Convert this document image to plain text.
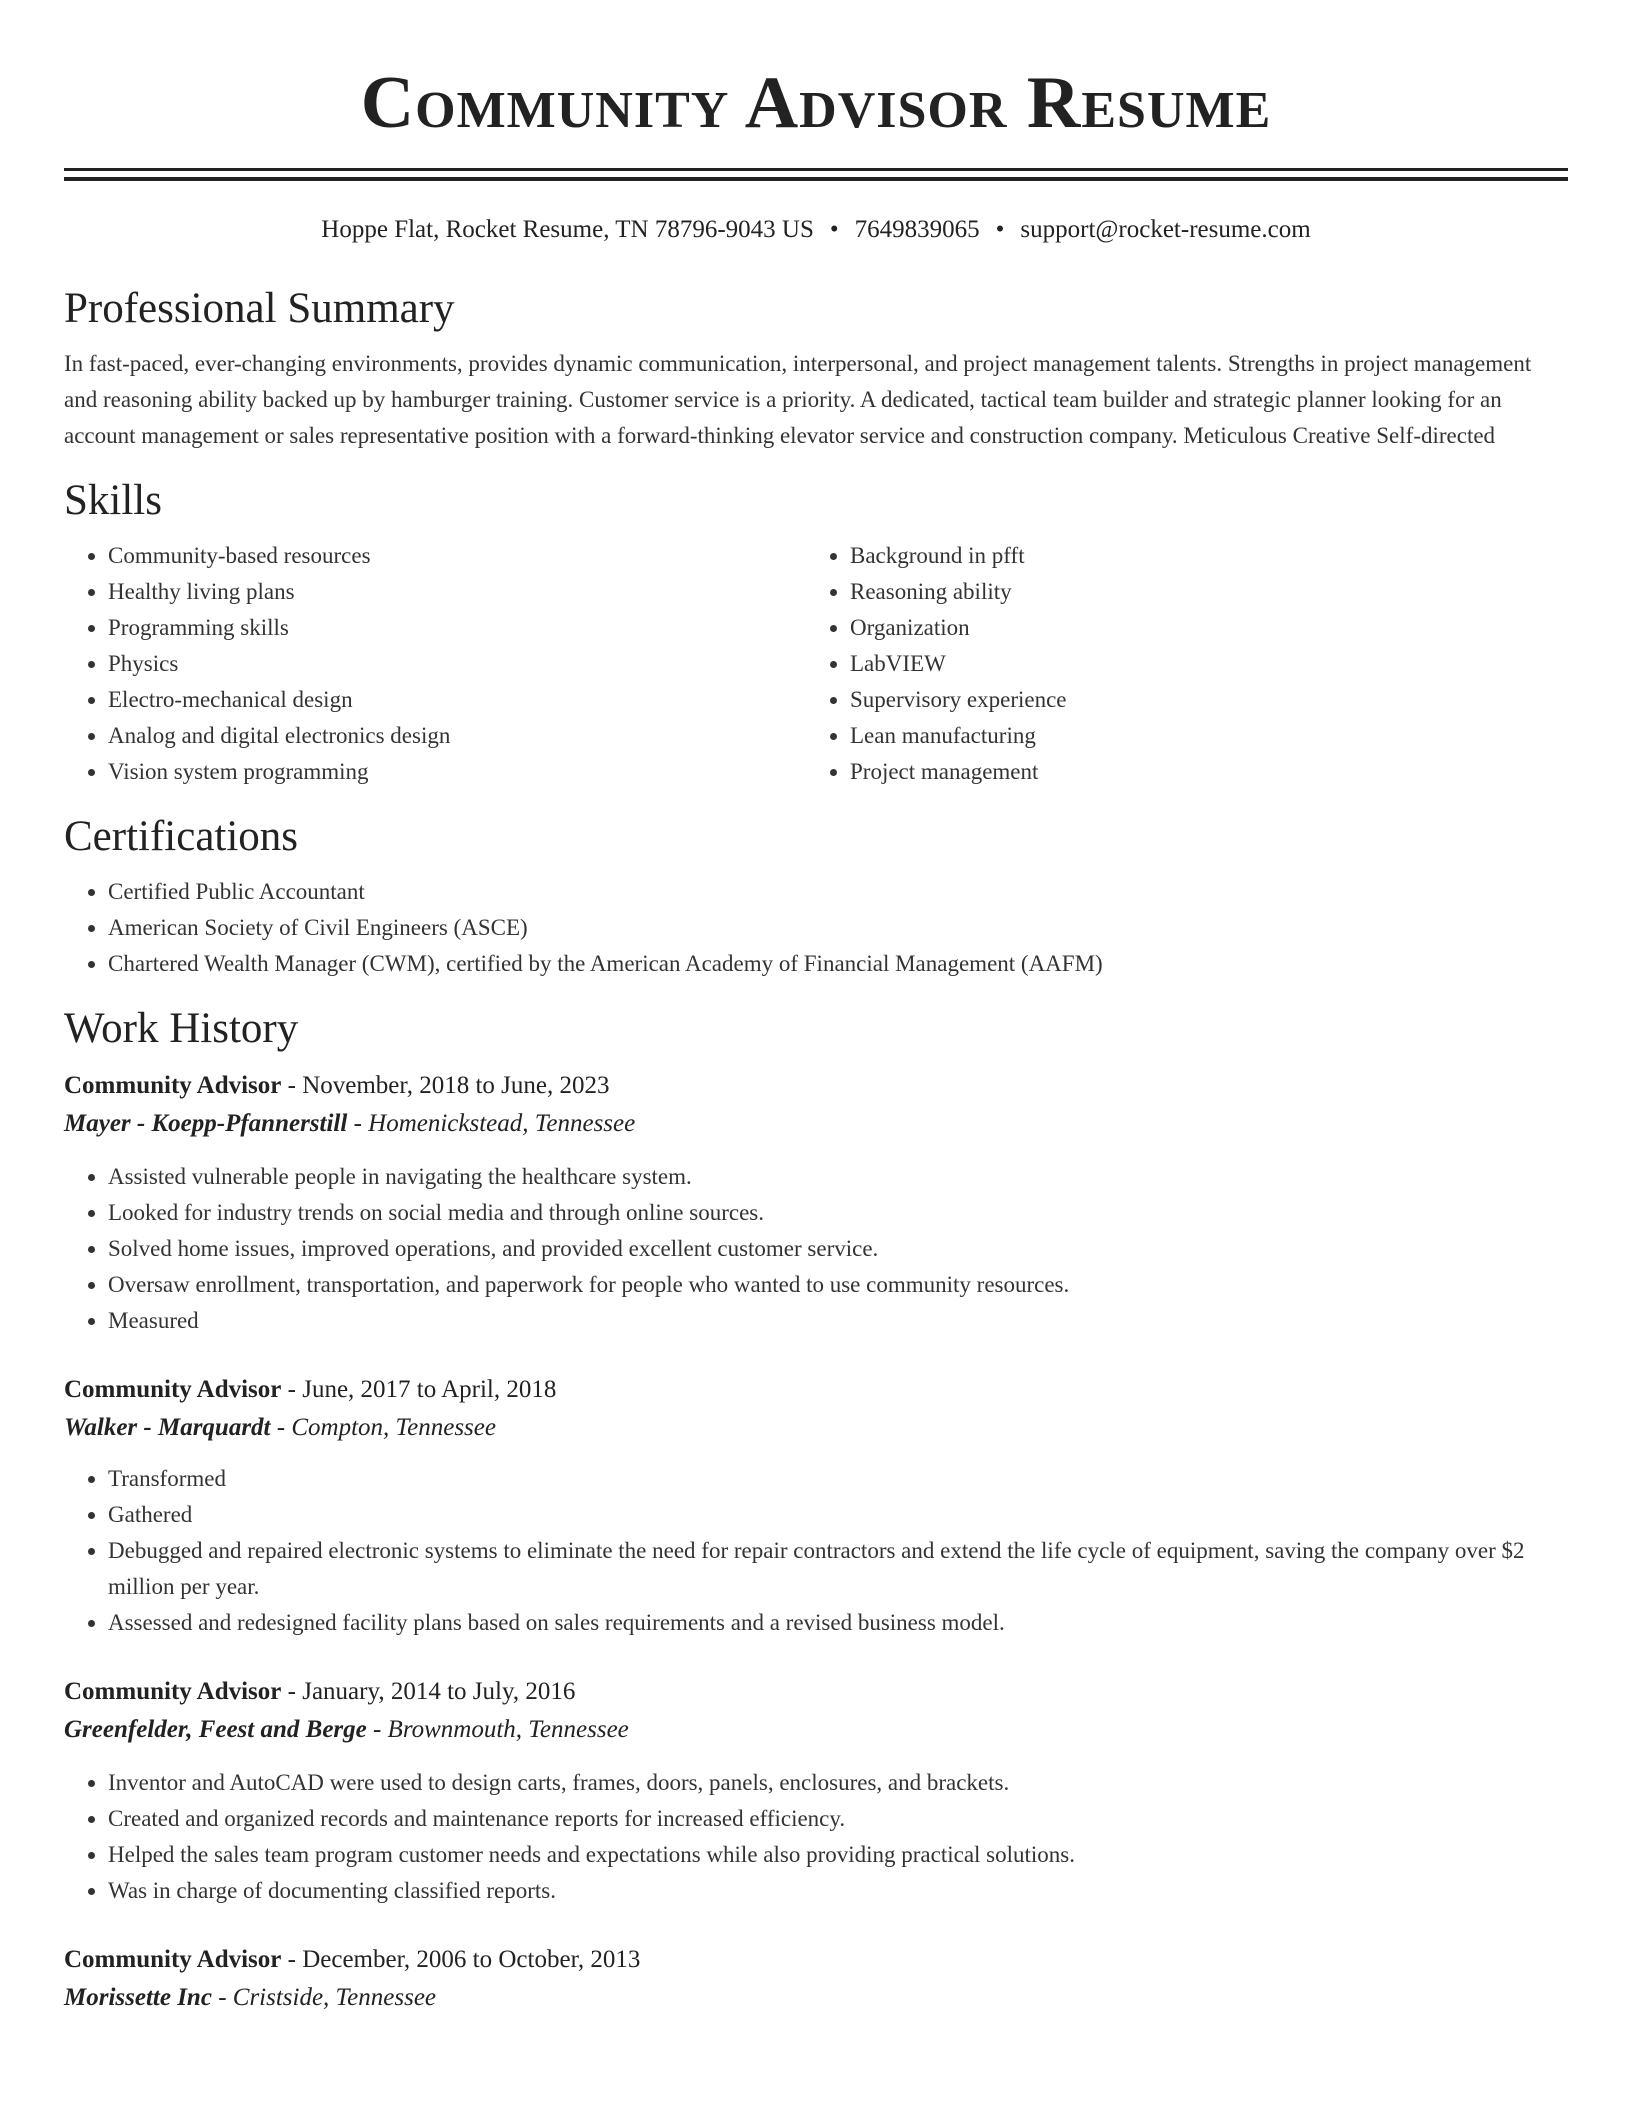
Community Advisor Resume
Hoppe Flat, Rocket Resume, TN 78796-9043 US • 7649839065 • support@rocket-resume.com
Professional Summary

In fast-paced, ever-changing environments, provides dynamic communication, interpersonal, and project management talents. Strengths in project management and reasoning ability backed up by hamburger training. Customer service is a priority. A dedicated, tactical team builder and strategic planner looking for an account management or sales representative position with a forward-thinking elevator service and construction company. Meticulous Creative Self-directed

Skills
• Community-based resources
• Healthy living plans
• Programming skills
• Physics
• Electro-mechanical design
• Analog and digital electronics design
• Vision system programming
• Background in pfft
• Reasoning ability
• Organization
• LabVIEW
• Supervisory experience
• Lean manufacturing
• Project management
Certifications
• Certified Public Accountant
• American Society of Civil Engineers (ASCE)
• Chartered Wealth Manager (CWM), certified by the American Academy of Financial Management (AAFM)
Work History
Community Advisor - November, 2018 to June, 2023
Mayer - Koepp-Pfannerstill - Homenickstead, Tennessee
• Assisted vulnerable people in navigating the healthcare system.
• Looked for industry trends on social media and through online sources.
• Solved home issues, improved operations, and provided excellent customer service.
• Oversaw enrollment, transportation, and paperwork for people who wanted to use community resources.
• Measured
Community Advisor - June, 2017 to April, 2018
Walker - Marquardt - Compton, Tennessee
• Transformed
• Gathered
• Debugged and repaired electronic systems to eliminate the need for repair contractors and extend the life cycle of equipment, saving the company over $2 million per year.
• Assessed and redesigned facility plans based on sales requirements and a revised business model.
Community Advisor - January, 2014 to July, 2016
Greenfelder, Feest and Berge - Brownmouth, Tennessee
• Inventor and AutoCAD were used to design carts, frames, doors, panels, enclosures, and brackets.
• Created and organized records and maintenance reports for increased efficiency.
• Helped the sales team program customer needs and expectations while also providing practical solutions.
• Was in charge of documenting classified reports.
Community Advisor - December, 2006 to October, 2013
Morissette Inc - Cristside, Tennessee
